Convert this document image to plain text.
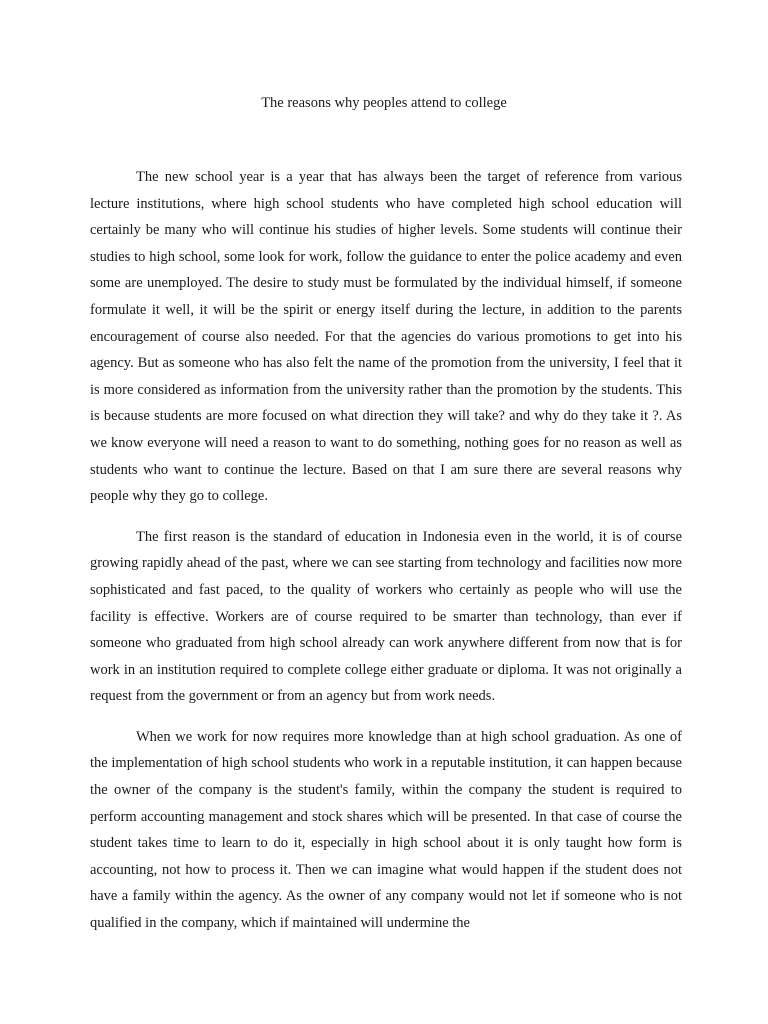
The reasons why peoples attend to college

The new school year is a year that has always been the target of reference from various lecture institutions, where high school students who have completed high school education will certainly be many who will continue his studies of higher levels. Some students will continue their studies to high school, some look for work, follow the guidance to enter the police academy and even some are unemployed. The desire to study must be formulated by the individual himself, if someone formulate it well, it will be the spirit or energy itself during the lecture, in addition to the parents encouragement of course also needed. For that the agencies do various promotions to get into his agency. But as someone who has also felt the name of the promotion from the university, I feel that it is more considered as information from the university rather than the promotion by the students. This is because students are more focused on what direction they will take? and why do they take it ?. As we know everyone will need a reason to want to do something, nothing goes for no reason as well as students who want to continue the lecture. Based on that I am sure there are several reasons why people why they go to college.

The first reason is the standard of education in Indonesia even in the world, it is of course growing rapidly ahead of the past, where we can see starting from technology and facilities now more sophisticated and fast paced, to the quality of workers who certainly as people who will use the facility is effective. Workers are of course required to be smarter than technology, than ever if someone who graduated from high school already can work anywhere different from now that is for work in an institution required to complete college either graduate or diploma. It was not originally a request from the government or from an agency but from work needs.

When we work for now requires more knowledge than at high school graduation. As one of the implementation of high school students who work in a reputable institution, it can happen because the owner of the company is the student's family, within the company the student is required to perform accounting management and stock shares which will be presented. In that case of course the student takes time to learn to do it, especially in high school about it is only taught how form is accounting, not how to process it. Then we can imagine what would happen if the student does not have a family within the agency. As the owner of any company would not let if someone who is not qualified in the company, which if maintained will undermine the
